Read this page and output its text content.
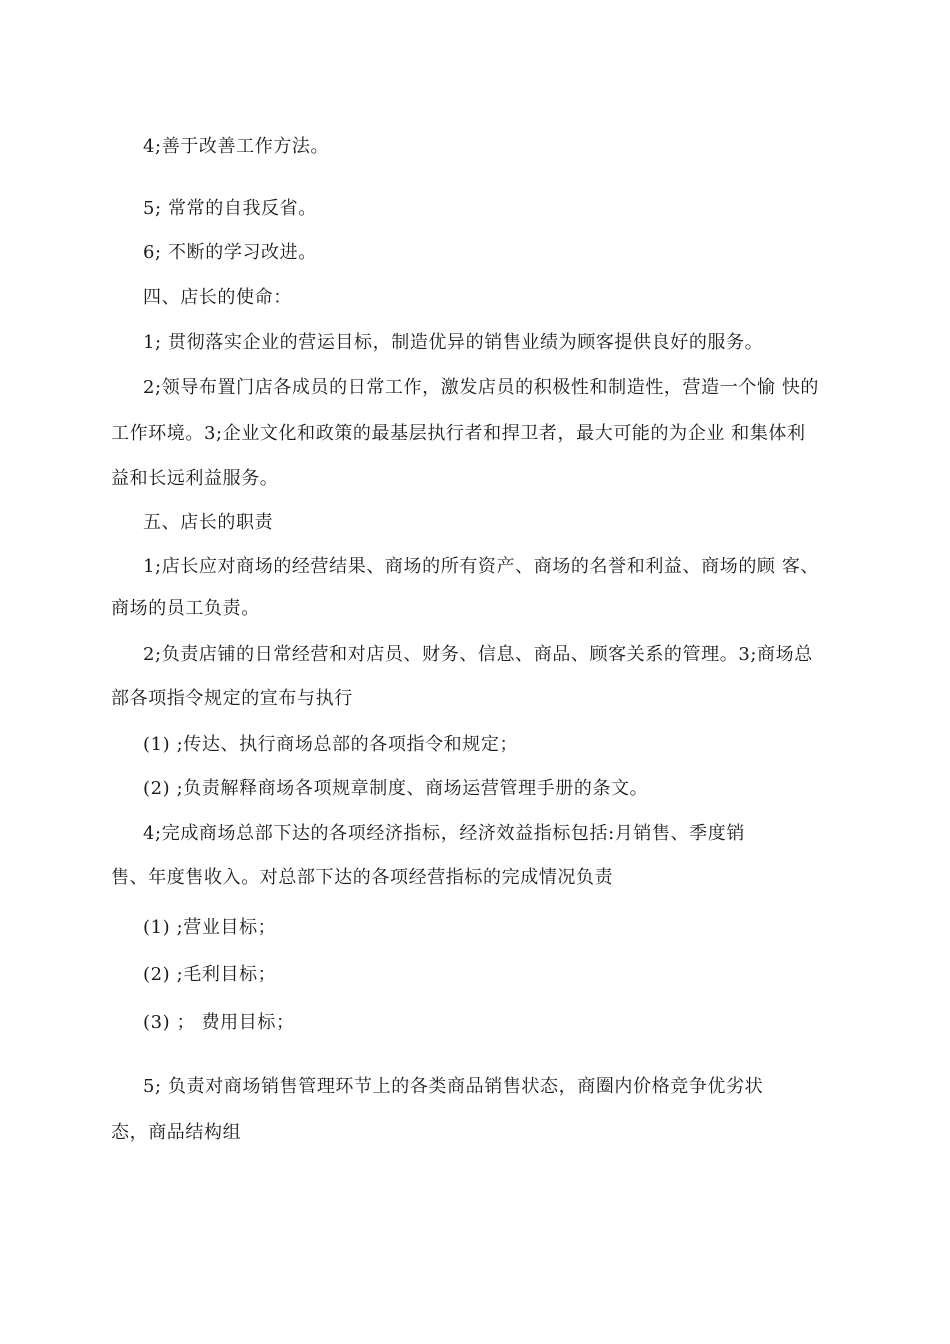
4;善于改善工作方法。
5; 常常的自我反省。
6; 不断的学习改进。
四、店长的使命：
1; 贯彻落实企业的营运目标，制造优异的销售业绩为顾客提供良好的服务。
2;领导布置门店各成员的日常工作，激发店员的积极性和制造性，营造一个愉 快的
工作环境。3;企业文化和政策的最基层执行者和捍卫者，最大可能的为企业 和集体利
益和长远利益服务。
五、店长的职责
1;店长应对商场的经营结果、商场的所有资产、商场的名誉和利益、商场的顾 客、
商场的员工负责。
2;负责店铺的日常经营和对店员、财务、信息、商品、顾客关系的管理。3;商场总
部各项指令规定的宣布与执行
(1) ;传达、执行商场总部的各项指令和规定；
(2) ;负责解释商场各项规章制度、商场运营管理手册的条文。
4;完成商场总部下达的各项经济指标，经济效益指标包括:月销售、季度销
售、年度售收入。对总部下达的各项经营指标的完成情况负责
(1) ;营业目标；
(2) ;毛利目标；
(3) ； 费用目标；
5; 负责对商场销售管理环节上的各类商品销售状态，商圈内价格竞争优劣状
态，商品结构组
